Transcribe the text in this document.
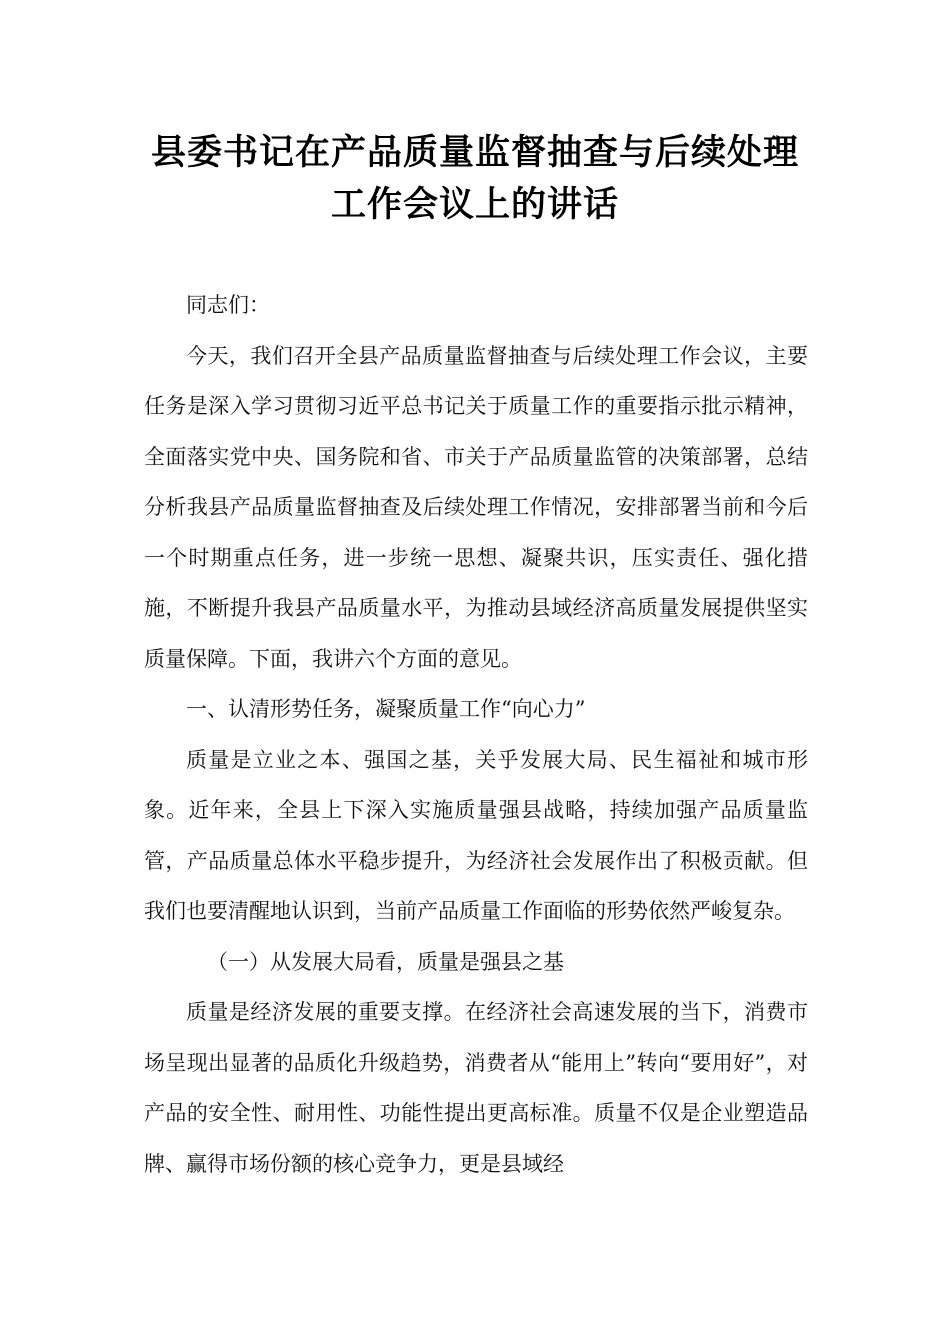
县委书记在产品质量监督抽查与后续处理
工作会议上的讲话

同志们：

今天，我们召开全县产品质量监督抽查与后续处理工作会议，主要任务是深入学习贯彻习近平总书记关于质量工作的重要指示批示精神，全面落实党中央、国务院和省、市关于产品质量监管的决策部署，总结分析我县产品质量监督抽查及后续处理工作情况，安排部署当前和今后一个时期重点任务，进一步统一思想、凝聚共识，压实责任、强化措施，不断提升我县产品质量水平，为推动县域经济高质量发展提供坚实质量保障。下面，我讲六个方面的意见。

一、认清形势任务，凝聚质量工作“向心力”

质量是立业之本、强国之基，关乎发展大局、民生福祉和城市形象。近年来，全县上下深入实施质量强县战略，持续加强产品质量监管，产品质量总体水平稳步提升，为经济社会发展作出了积极贡献。但我们也要清醒地认识到，当前产品质量工作面临的形势依然严峻复杂。

（一）从发展大局看，质量是强县之基

质量是经济发展的重要支撑。在经济社会高速发展的当下，消费市场呈现出显著的品质化升级趋势，消费者从“能用上”转向“要用好”，对产品的安全性、耐用性、功能性提出更高标准。质量不仅是企业塑造品牌、赢得市场份额的核心竞争力，更是县域经
